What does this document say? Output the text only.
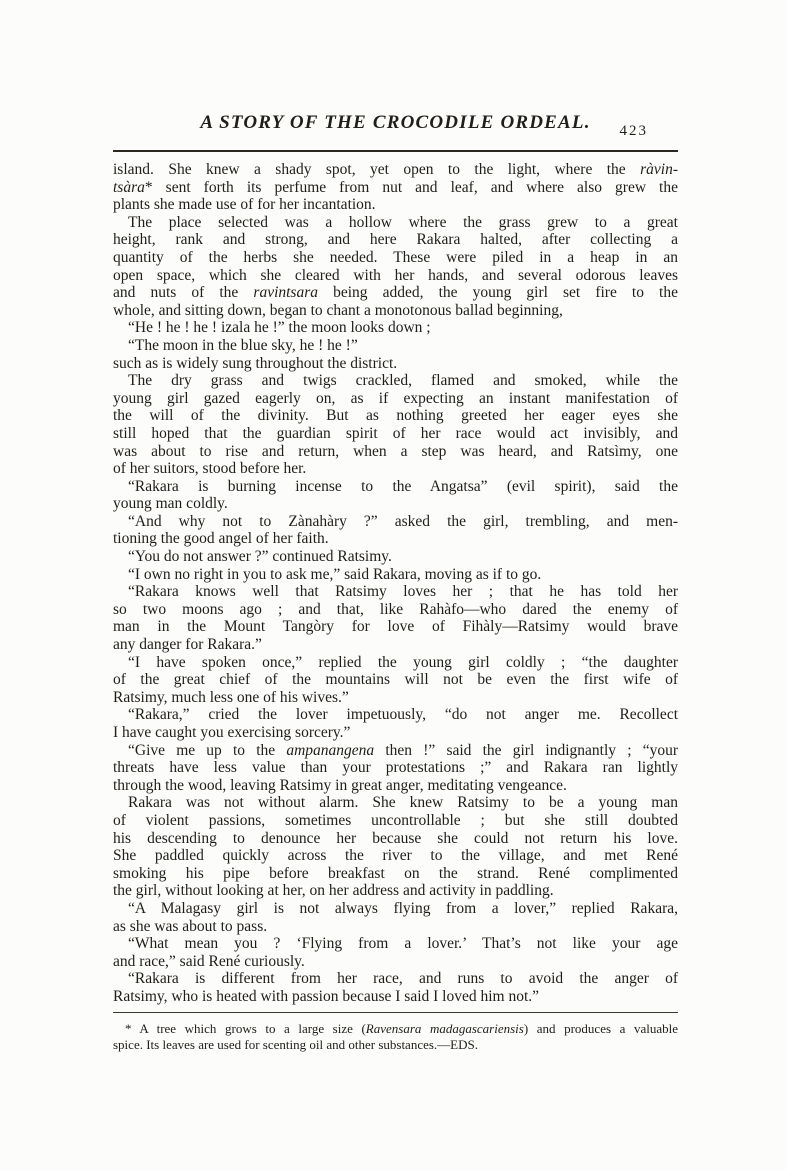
A STORY OF THE CROCODILE ORDEAL.	423
island. She knew a shady spot, yet open to the light, where the ràvin-
tsàra* sent forth its perfume from nut and leaf, and where also grew the
plants she made use of for her incantation.
The place selected was a hollow where the grass grew to a great
height, rank and strong, and here Rakara halted, after collecting a
quantity of the herbs she needed. These were piled in a heap in an
open space, which she cleared with her hands, and several odorous leaves
and nuts of the ravintsara being added, the young girl set fire to the
whole, and sitting down, began to chant a monotonous ballad beginning,
“He ! he ! he ! izala he !” the moon looks down ;
“The moon in the blue sky, he ! he !”
such as is widely sung throughout the district.
The dry grass and twigs crackled, flamed and smoked, while the
young girl gazed eagerly on, as if expecting an instant manifestation of
the will of the divinity. But as nothing greeted her eager eyes she
still hoped that the guardian spirit of her race would act invisibly, and
was about to rise and return, when a step was heard, and Ratsìmy, one
of her suitors, stood before her.
“Rakara is burning incense to the Angatsa” (evil spirit), said the
young man coldly.
“And why not to Zànahàry ?” asked the girl, trembling, and men-
tioning the good angel of her faith.
“You do not answer ?” continued Ratsimy.
“I own no right in you to ask me,” said Rakara, moving as if to go.
“Rakara knows well that Ratsimy loves her ; that he has told her
so two moons ago ; and that, like Rahàfo—who dared the enemy of
man in the Mount Tangòry for love of Fihàly—Ratsimy would brave
any danger for Rakara.”
“I have spoken once,” replied the young girl coldly ; “the daughter
of the great chief of the mountains will not be even the first wife of
Ratsimy, much less one of his wives.”
“Rakara,” cried the lover impetuously, “do not anger me. Recollect
I have caught you exercising sorcery.”
“Give me up to the ampanangena then !” said the girl indignantly ; “your
threats have less value than your protestations ;” and Rakara ran lightly
through the wood, leaving Ratsimy in great anger, meditating vengeance.
Rakara was not without alarm. She knew Ratsimy to be a young man
of violent passions, sometimes uncontrollable ; but she still doubted
his descending to denounce her because she could not return his love.
She paddled quickly across the river to the village, and met René
smoking his pipe before breakfast on the strand. René complimented
the girl, without looking at her, on her address and activity in paddling.
“A Malagasy girl is not always flying from a lover,” replied Rakara,
as she was about to pass.
“What mean you ? ‘Flying from a lover.’ That’s not like your age
and race,” said René curiously.
“Rakara is different from her race, and runs to avoid the anger of
Ratsimy, who is heated with passion because I said I loved him not.”
* A tree which grows to a large size (Ravensara madagascariensis) and produces a valuable
spice. Its leaves are used for scenting oil and other substances.—EDS.
